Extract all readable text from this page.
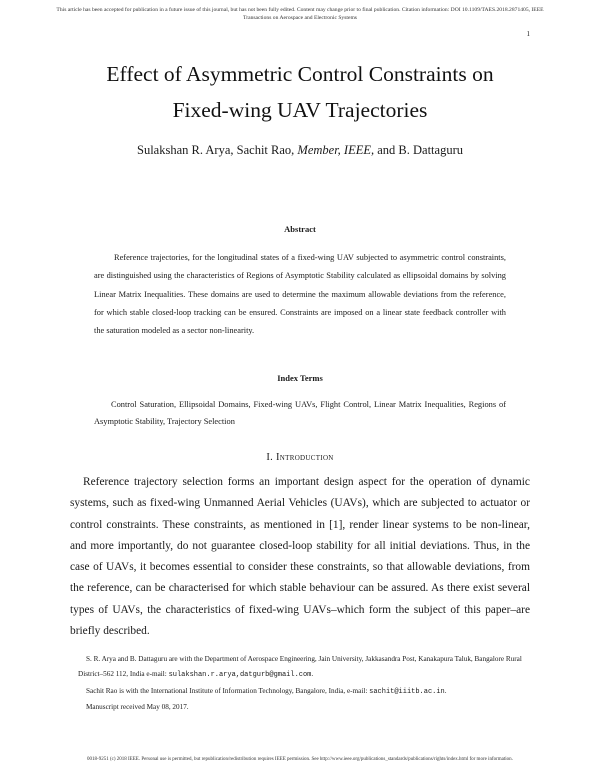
This article has been accepted for publication in a future issue of this journal, but has not been fully edited. Content may change prior to final publication. Citation information: DOI 10.1109/TAES.2018.2871405, IEEE
Transactions on Aerospace and Electronic Systems
1
Effect of Asymmetric Control Constraints on
Fixed-wing UAV Trajectories
Sulakshan R. Arya, Sachit Rao, Member, IEEE, and B. Dattaguru
Abstract
Reference trajectories, for the longitudinal states of a fixed-wing UAV subjected to asymmetric control constraints, are distinguished using the characteristics of Regions of Asymptotic Stability calculated as ellipsoidal domains by solving Linear Matrix Inequalities. These domains are used to determine the maximum allowable deviations from the reference, for which stable closed-loop tracking can be ensured. Constraints are imposed on a linear state feedback controller with the saturation modeled as a sector non-linearity.
Index Terms
Control Saturation, Ellipsoidal Domains, Fixed-wing UAVs, Flight Control, Linear Matrix Inequalities, Regions of Asymptotic Stability, Trajectory Selection
I. Introduction
Reference trajectory selection forms an important design aspect for the operation of dynamic systems, such as fixed-wing Unmanned Aerial Vehicles (UAVs), which are subjected to actuator or control constraints. These constraints, as mentioned in [1], render linear systems to be non-linear, and more importantly, do not guarantee closed-loop stability for all initial deviations. Thus, in the case of UAVs, it becomes essential to consider these constraints, so that allowable deviations, from the reference, can be characterised for which stable behaviour can be assured. As there exist several types of UAVs, the characteristics of fixed-wing UAVs–which form the subject of this paper–are briefly described.
S. R. Arya and B. Dattaguru are with the Department of Aerospace Engineering, Jain University, Jakkasandra Post, Kanakapura Taluk, Bangalore Rural District–562 112, India e-mail: sulakshan.r.arya,datgurb@gmail.com.
Sachit Rao is with the International Institute of Information Technology, Bangalore, India, e-mail: sachit@iiitb.ac.in.
Manuscript received May 08, 2017.
0018-9251 (c) 2018 IEEE. Personal use is permitted, but republication/redistribution requires IEEE permission. See http://www.ieee.org/publications_standards/publications/rights/index.html for more information.
